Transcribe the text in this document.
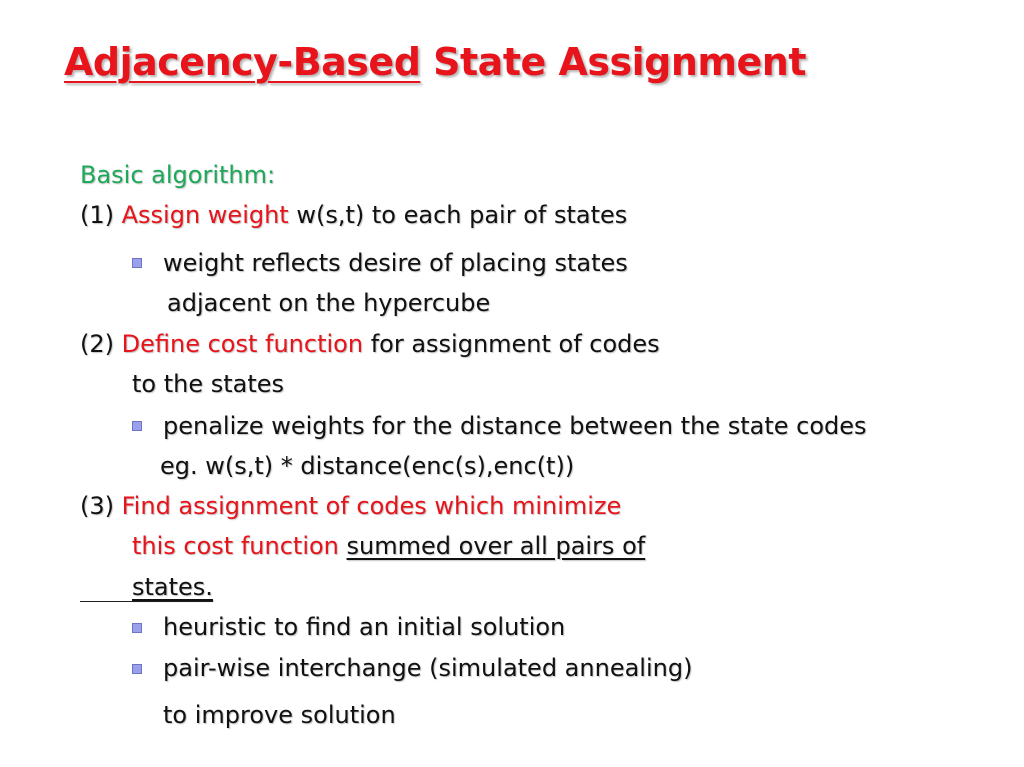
Adjacency-Based State Assignment
Basic algorithm:
(1) Assign weight w(s,t) to each pair of states
weight reflects desire of placing states
adjacent on the hypercube
(2) Define cost function for assignment of codes
to the states
penalize weights for the distance between the state codes
eg. w(s,t) * distance(enc(s),enc(t))
(3) Find assignment of codes which minimize
this cost function summed over all pairs of
states.
heuristic to find an initial solution
pair-wise interchange (simulated annealing)
to improve solution
